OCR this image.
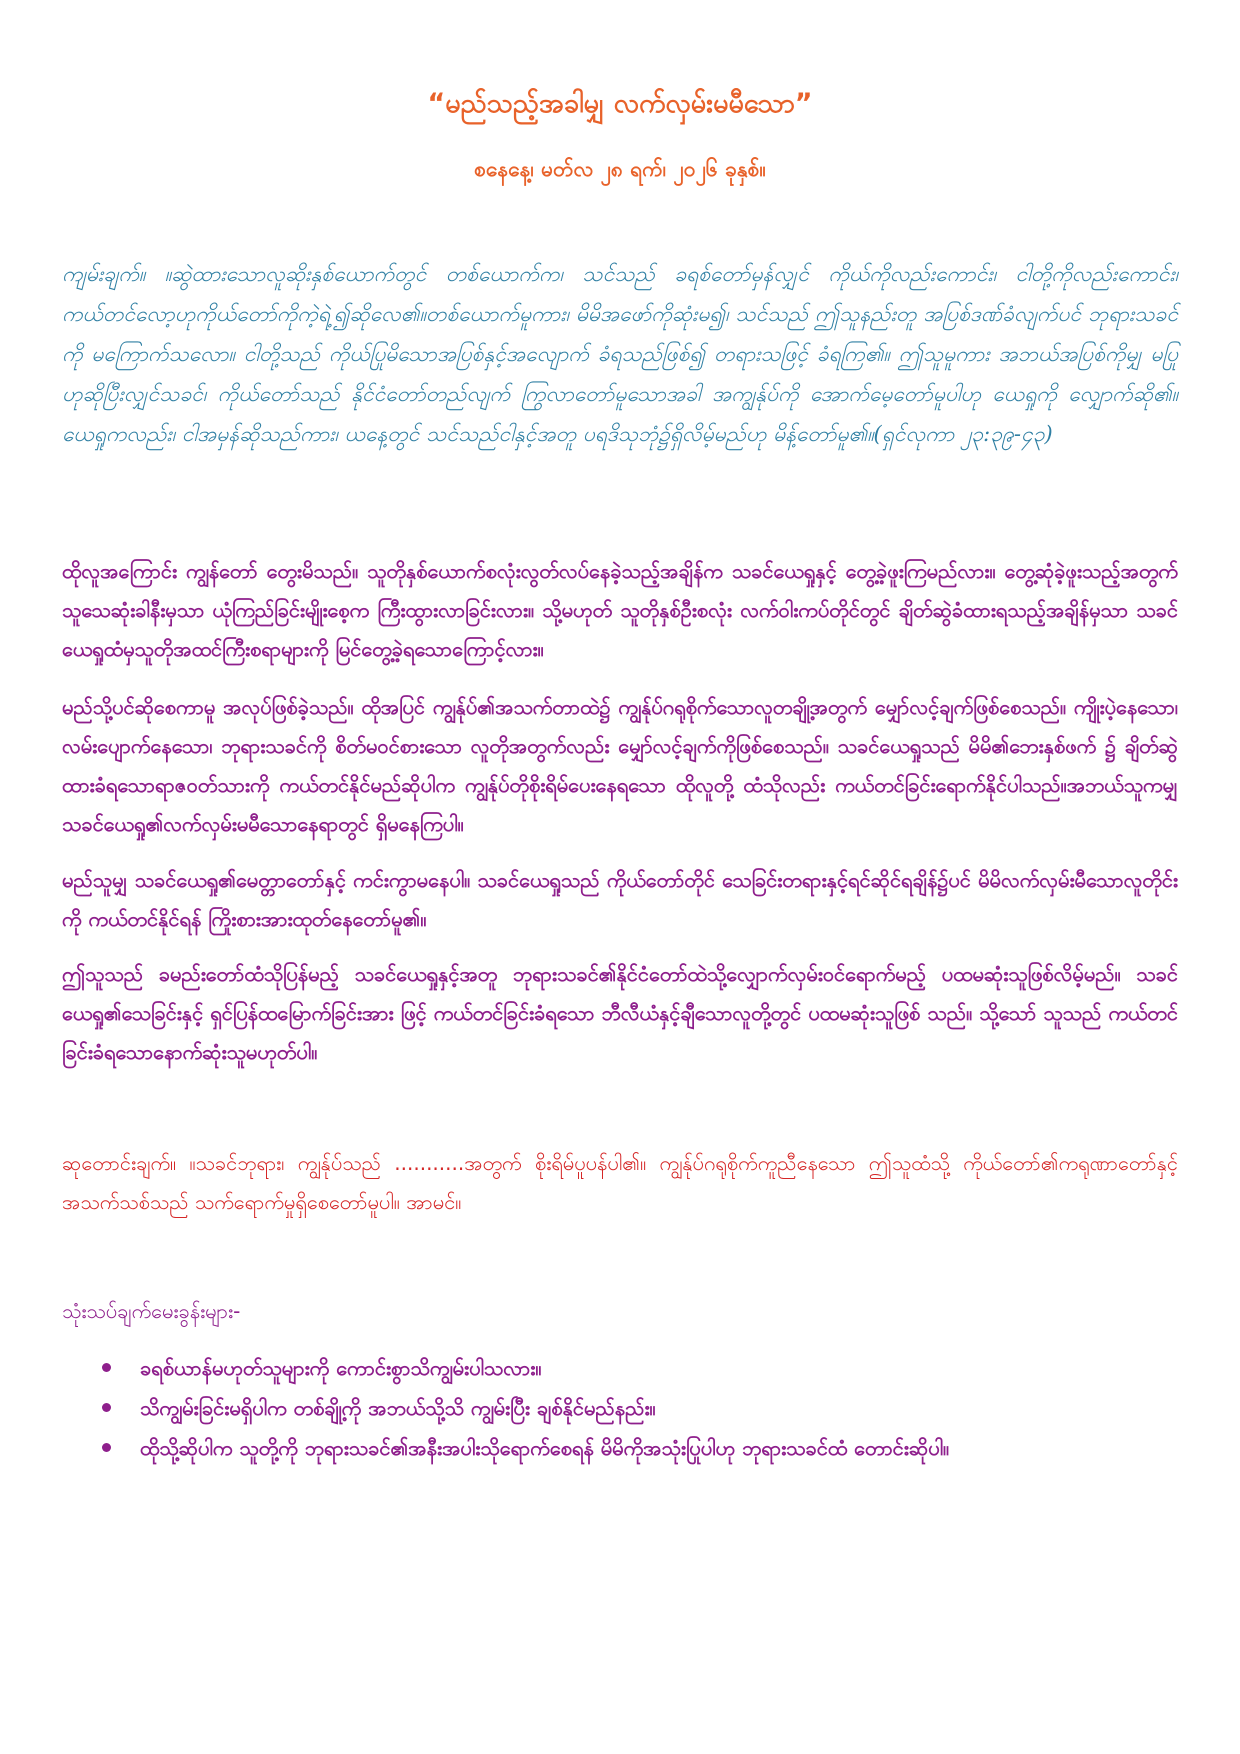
“မည်သည့်အခါမျှ လက်လှမ်းမမီသော”
စနေနေ့၊ မတ်လ ၂၈ ရက်၊ ၂၀၂၆ ခုနှစ်။

ကျမ်းချက်။ ။ဆွဲထားသောလူဆိုးနှစ်ယောက်တွင် တစ်ယောက်က၊ သင်သည် ခရစ်တော်မှန်လျှင် ကိုယ်ကိုလည်းကောင်း၊ ငါတို့ကိုလည်းကောင်း၊ ကယ်တင်လော့ဟုကိုယ်တော်ကိုကဲ့ရဲ့၍ဆိုလေ၏။တစ်ယောက်မူကား၊ မိမိအဖော်ကိုဆုံးမ၍၊ သင်သည် ဤသူနည်းတူ အပြစ်ဒဏ်ခံလျက်ပင် ဘုရားသခင်ကို မကြောက်သလော။ ငါတို့သည် ကိုယ်ပြုမိသောအပြစ်နှင့်အလျောက် ခံရသည်ဖြစ်၍ တရားသဖြင့် ခံရကြ၏။ ဤသူမူကား အဘယ်အပြစ်ကိုမျှ မပြုဟုဆိုပြီးလျှင်သခင်၊ ကိုယ်တော်သည် နိုင်ငံတော်တည်လျက် ကြွလာတော်မူသောအခါ အကျွန်ုပ်ကို အောက်မေ့တော်မူပါဟု ယေရှုကို လျှောက်ဆို၏။ ယေရှုကလည်း၊ ငါအမှန်ဆိုသည်ကား၊ ယနေ့တွင် သင်သည်ငါနှင့်အတူ ပရဒိသုဘုံ၌ရှိလိမ့်မည်ဟု မိန့်တော်မူ၏။(ရှင်လုကာ ၂၃:၃၉-၄၃)

ထိုလူအကြောင်း ကျွန်တော် တွေးမိသည်။ သူတိုနှစ်ယောက်စလုံးလွတ်လပ်နေခဲ့သည့်အချိန်က သခင်ယေရှုနှင့် တွေ့ခဲ့ဖူးကြမည်လား။ တွေ့ဆုံခဲ့ဖူးသည့်အတွက် သူသေဆုံးခါနီးမှသာ ယုံကြည်ခြင်းမျိုးစေ့က ကြီးထွားလာခြင်းလား။ သို့မဟုတ် သူတိုနှစ်ဦးစလုံး လက်ဝါးကပ်တိုင်တွင် ချိတ်ဆွဲခံထားရသည့်အချိန်မှသာ သခင်ယေရှုထံမှသူတိုအထင်ကြီးစရာများကို မြင်တွေ့ခဲ့ရသောကြောင့်လား။

မည်သို့ပင်ဆိုစေကာမူ အလုပ်ဖြစ်ခဲ့သည်။ ထိုအပြင် ကျွန်ုပ်၏အသက်တာထဲ၌ ကျွန်ုပ်ဂရုစိုက်သောလူတချို့အတွက် မျှော်လင့်ချက်ဖြစ်စေသည်။ ကျိုးပဲ့နေသော၊ လမ်းပျောက်နေသော၊ ဘုရားသခင်ကို စိတ်မဝင်စားသော လူတိုအတွက်လည်း မျှော်လင့်ချက်ကိုဖြစ်စေသည်။ သခင်ယေရှုသည် မိမိ၏ဘေးနှစ်ဖက် ၌ ချိတ်ဆွဲထားခံရသောရာဇဝတ်သားကို ကယ်တင်နိုင်မည်ဆိုပါက ကျွန်ုပ်တိုစိုးရိမ်ပေးနေရသော ထိုလူတို့ ထံသိုလည်း ကယ်တင်ခြင်းရောက်နိုင်ပါသည်။အဘယ်သူကမျှ သခင်ယေရှု၏လက်လှမ်းမမီသောနေရာတွင် ရှိမနေကြပါ။

မည်သူမျှ သခင်ယေရှု၏မေတ္တာတော်နှင့် ကင်းကွာမနေပါ။ သခင်ယေရှုသည် ကိုယ်တော်တိုင် သေခြင်းတရားနှင့်ရင်ဆိုင်ရချိန်၌ပင် မိမိလက်လှမ်းမီသောလူတိုင်းကို ကယ်တင်နိုင်ရန် ကြိုးစားအားထုတ်နေတော်မူ၏။

ဤသူသည် ခမည်းတော်ထံသိုပြန်မည့် သခင်ယေရှုနှင့်အတူ ဘုရားသခင်၏နိုင်ငံတော်ထဲသို့လျှောက်လှမ်းဝင်ရောက်မည့် ပထမဆုံးသူဖြစ်လိမ့်မည်။ သခင်ယေရှု၏သေခြင်းနှင့် ရှင်ပြန်ထမြောက်ခြင်းအား ဖြင့် ကယ်တင်ခြင်းခံရသော ဘီလီယံနှင့်ချီသောလူတို့တွင် ပထမဆုံးသူဖြစ် သည်။ သို့သော် သူသည် ကယ်တင်ခြင်းခံရသောနောက်ဆုံးသူမဟုတ်ပါ။

ဆုတောင်းချက်။ ။သခင်ဘုရား၊ ကျွန်ုပ်သည် ...........အတွက် စိုးရိမ်ပူပန်ပါ၏။ ကျွန်ုပ်ဂရုစိုက်ကူညီနေသော ဤသူထံသို့ ကိုယ်တော်၏ကရုဏာတော်နှင့် အသက်သစ်သည် သက်ရောက်မှုရှိစေတော်မူပါ။ အာမင်။

သုံးသပ်ချက်မေးခွန်းများ-

ခရစ်ယာန်မဟုတ်သူများကို ကောင်းစွာသိကျွမ်းပါသလား။
သိကျွမ်းခြင်းမရှိပါက တစ်ချို့ကို အဘယ်သို့သိ ကျွမ်းပြီး ချစ်နိုင်မည်နည်း။
ထိုသို့ဆိုပါက သူတို့ကို ဘုရားသခင်၏အနီးအပါးသိုရောက်စေရန် မိမိကိုအသုံးပြုပါဟု ဘုရားသခင်ထံ တောင်းဆိုပါ။
